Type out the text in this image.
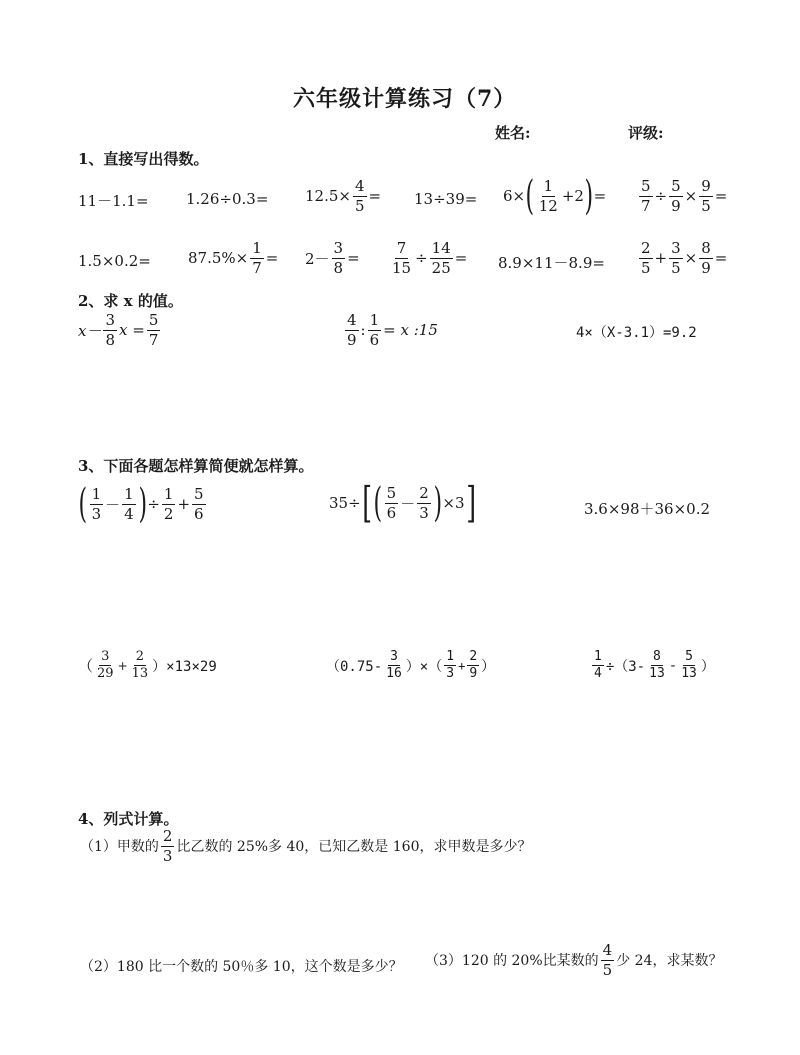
六年级计算练习（7）
姓名:	评级:
1、直接写出得数。
$11-1.1= 1.26\div 0.3= 12.5\times \frac{4}{5} = 13\div 39= 6\times$ ( $\frac{1}{12} +2$ ) = $\frac{5}{7} \div \frac{5}{9} \times \frac{9}{5}$ =
$1.5\times 0.2= 87.5\%\times \frac{1}{7} = 2- \frac{3}{8} = \frac{7}{15} \div \frac{14}{25} = 8.9\times 11-8.9= \frac{2}{5} + \frac{3}{5} \times \frac{8}{9}$ =
2、求 x 的值。
$x- \frac{3}{8}$ $x = \frac{5}{7}$	$\frac{4}{9}$ : $\frac{1}{6} = x$ :15	4×（X-3.1）=9.2
3、下面各题怎样算简便就怎样算。
( $\frac{1}{3} - \frac{1}{4}$ ) ÷ $\frac{1}{2} + \frac{5}{6}$	35÷ [ ( $\frac{5}{6} - \frac{2}{3}$ ) ×3 ]	3.6×98＋36×0.2
（ $\frac{3}{29} + \frac{2}{13} )\times 13\times 29$	（$0.75- \frac{3}{16}$ ）×（ $\frac{1}{3} + \frac{2}{9}$ ）	$\frac{1}{4} \div(3- \frac{8}{13} - \frac{5}{13}$ ）
4、列式计算。
（1）甲数的 $\frac{2}{3}$ 比乙数的 25%多 40，已知乙数是 160，求甲数是多少？
（2）180 比一个数的 50％多 10，这个数是多少？ （3）120 的 20%比某数的 $\frac{4}{5}$ 少 24，求某数？
